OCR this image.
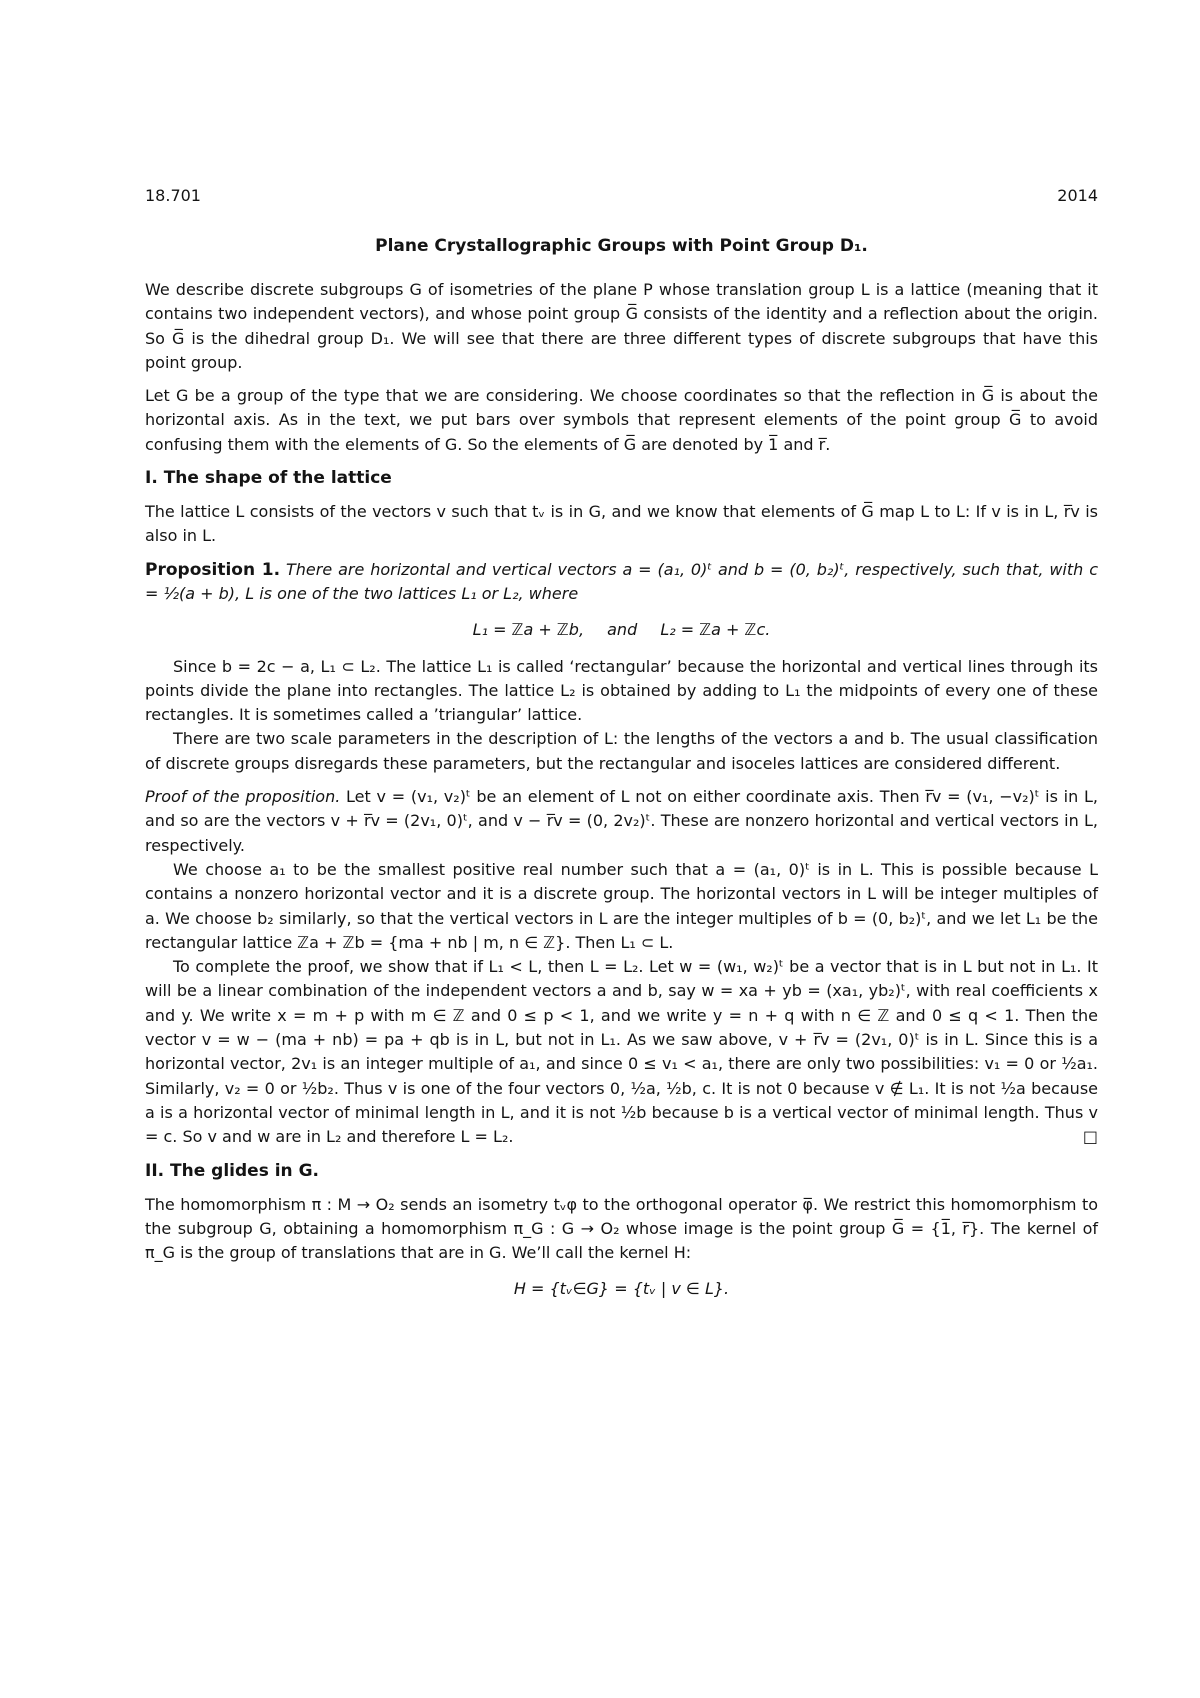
18.701	2014
Plane Crystallographic Groups with Point Group D₁.

We describe discrete subgroups G of isometries of the plane P whose translation group L is a lattice (meaning that it contains two independent vectors), and whose point group G̅ consists of the identity and a reflection about the origin. So G̅ is the dihedral group D₁. We will see that there are three different types of discrete subgroups that have this point group.

Let G be a group of the type that we are considering. We choose coordinates so that the reflection in G̅ is about the horizontal axis. As in the text, we put bars over symbols that represent elements of the point group G̅ to avoid confusing them with the elements of G. So the elements of G̅ are denoted by 1̅ and r̅.

I. The shape of the lattice

The lattice L consists of the vectors v such that tᵥ is in G, and we know that elements of G̅ map L to L: If v is in L, r̅v is also in L.

Proposition 1. There are horizontal and vertical vectors a = (a₁, 0)ᵗ and b = (0, b₂)ᵗ, respectively, such that, with c = ½(a + b), L is one of the two lattices L₁ or L₂, where

L₁ = ℤa + ℤb, and L₂ = ℤa + ℤc.

Since b = 2c − a, L₁ ⊂ L₂. The lattice L₁ is called ‘rectangular’ because the horizontal and vertical lines through its points divide the plane into rectangles. The lattice L₂ is obtained by adding to L₁ the midpoints of every one of these rectangles. It is sometimes called a ’triangular’ lattice.

There are two scale parameters in the description of L: the lengths of the vectors a and b. The usual classification of discrete groups disregards these parameters, but the rectangular and isoceles lattices are considered different.

Proof of the proposition. Let v = (v₁, v₂)ᵗ be an element of L not on either coordinate axis. Then r̅v = (v₁, −v₂)ᵗ is in L, and so are the vectors v + r̅v = (2v₁, 0)ᵗ, and v − r̅v = (0, 2v₂)ᵗ. These are nonzero horizontal and vertical vectors in L, respectively.

We choose a₁ to be the smallest positive real number such that a = (a₁, 0)ᵗ is in L. This is possible because L contains a nonzero horizontal vector and it is a discrete group. The horizontal vectors in L will be integer multiples of a. We choose b₂ similarly, so that the vertical vectors in L are the integer multiples of b = (0, b₂)ᵗ, and we let L₁ be the rectangular lattice ℤa + ℤb = {ma + nb | m, n ∈ ℤ}. Then L₁ ⊂ L.

To complete the proof, we show that if L₁ < L, then L = L₂. Let w = (w₁, w₂)ᵗ be a vector that is in L but not in L₁. It will be a linear combination of the independent vectors a and b, say w = xa + yb = (xa₁, yb₂)ᵗ, with real coefficients x and y. We write x = m + p with m ∈ ℤ and 0 ≤ p < 1, and we write y = n + q with n ∈ ℤ and 0 ≤ q < 1. Then the vector v = w − (ma + nb) = pa + qb is in L, but not in L₁. As we saw above, v + r̅v = (2v₁, 0)ᵗ is in L. Since this is a horizontal vector, 2v₁ is an integer multiple of a₁, and since 0 ≤ v₁ < a₁, there are only two possibilities: v₁ = 0 or ½a₁. Similarly, v₂ = 0 or ½b₂. Thus v is one of the four vectors 0, ½a, ½b, c. It is not 0 because v ∉ L₁. It is not ½a because a is a horizontal vector of minimal length in L, and it is not ½b because b is a vertical vector of minimal length. Thus v = c. So v and w are in L₂ and therefore L = L₂.	□

II. The glides in G.

The homomorphism π : M → O₂ sends an isometry tᵥφ to the orthogonal operator φ̅. We restrict this homomorphism to the subgroup G, obtaining a homomorphism π_G : G → O₂ whose image is the point group G̅ = {1̅, r̅}. The kernel of π_G is the group of translations that are in G. We’ll call the kernel H:

H = {tᵥ∈G} = {tᵥ | v ∈ L}.
